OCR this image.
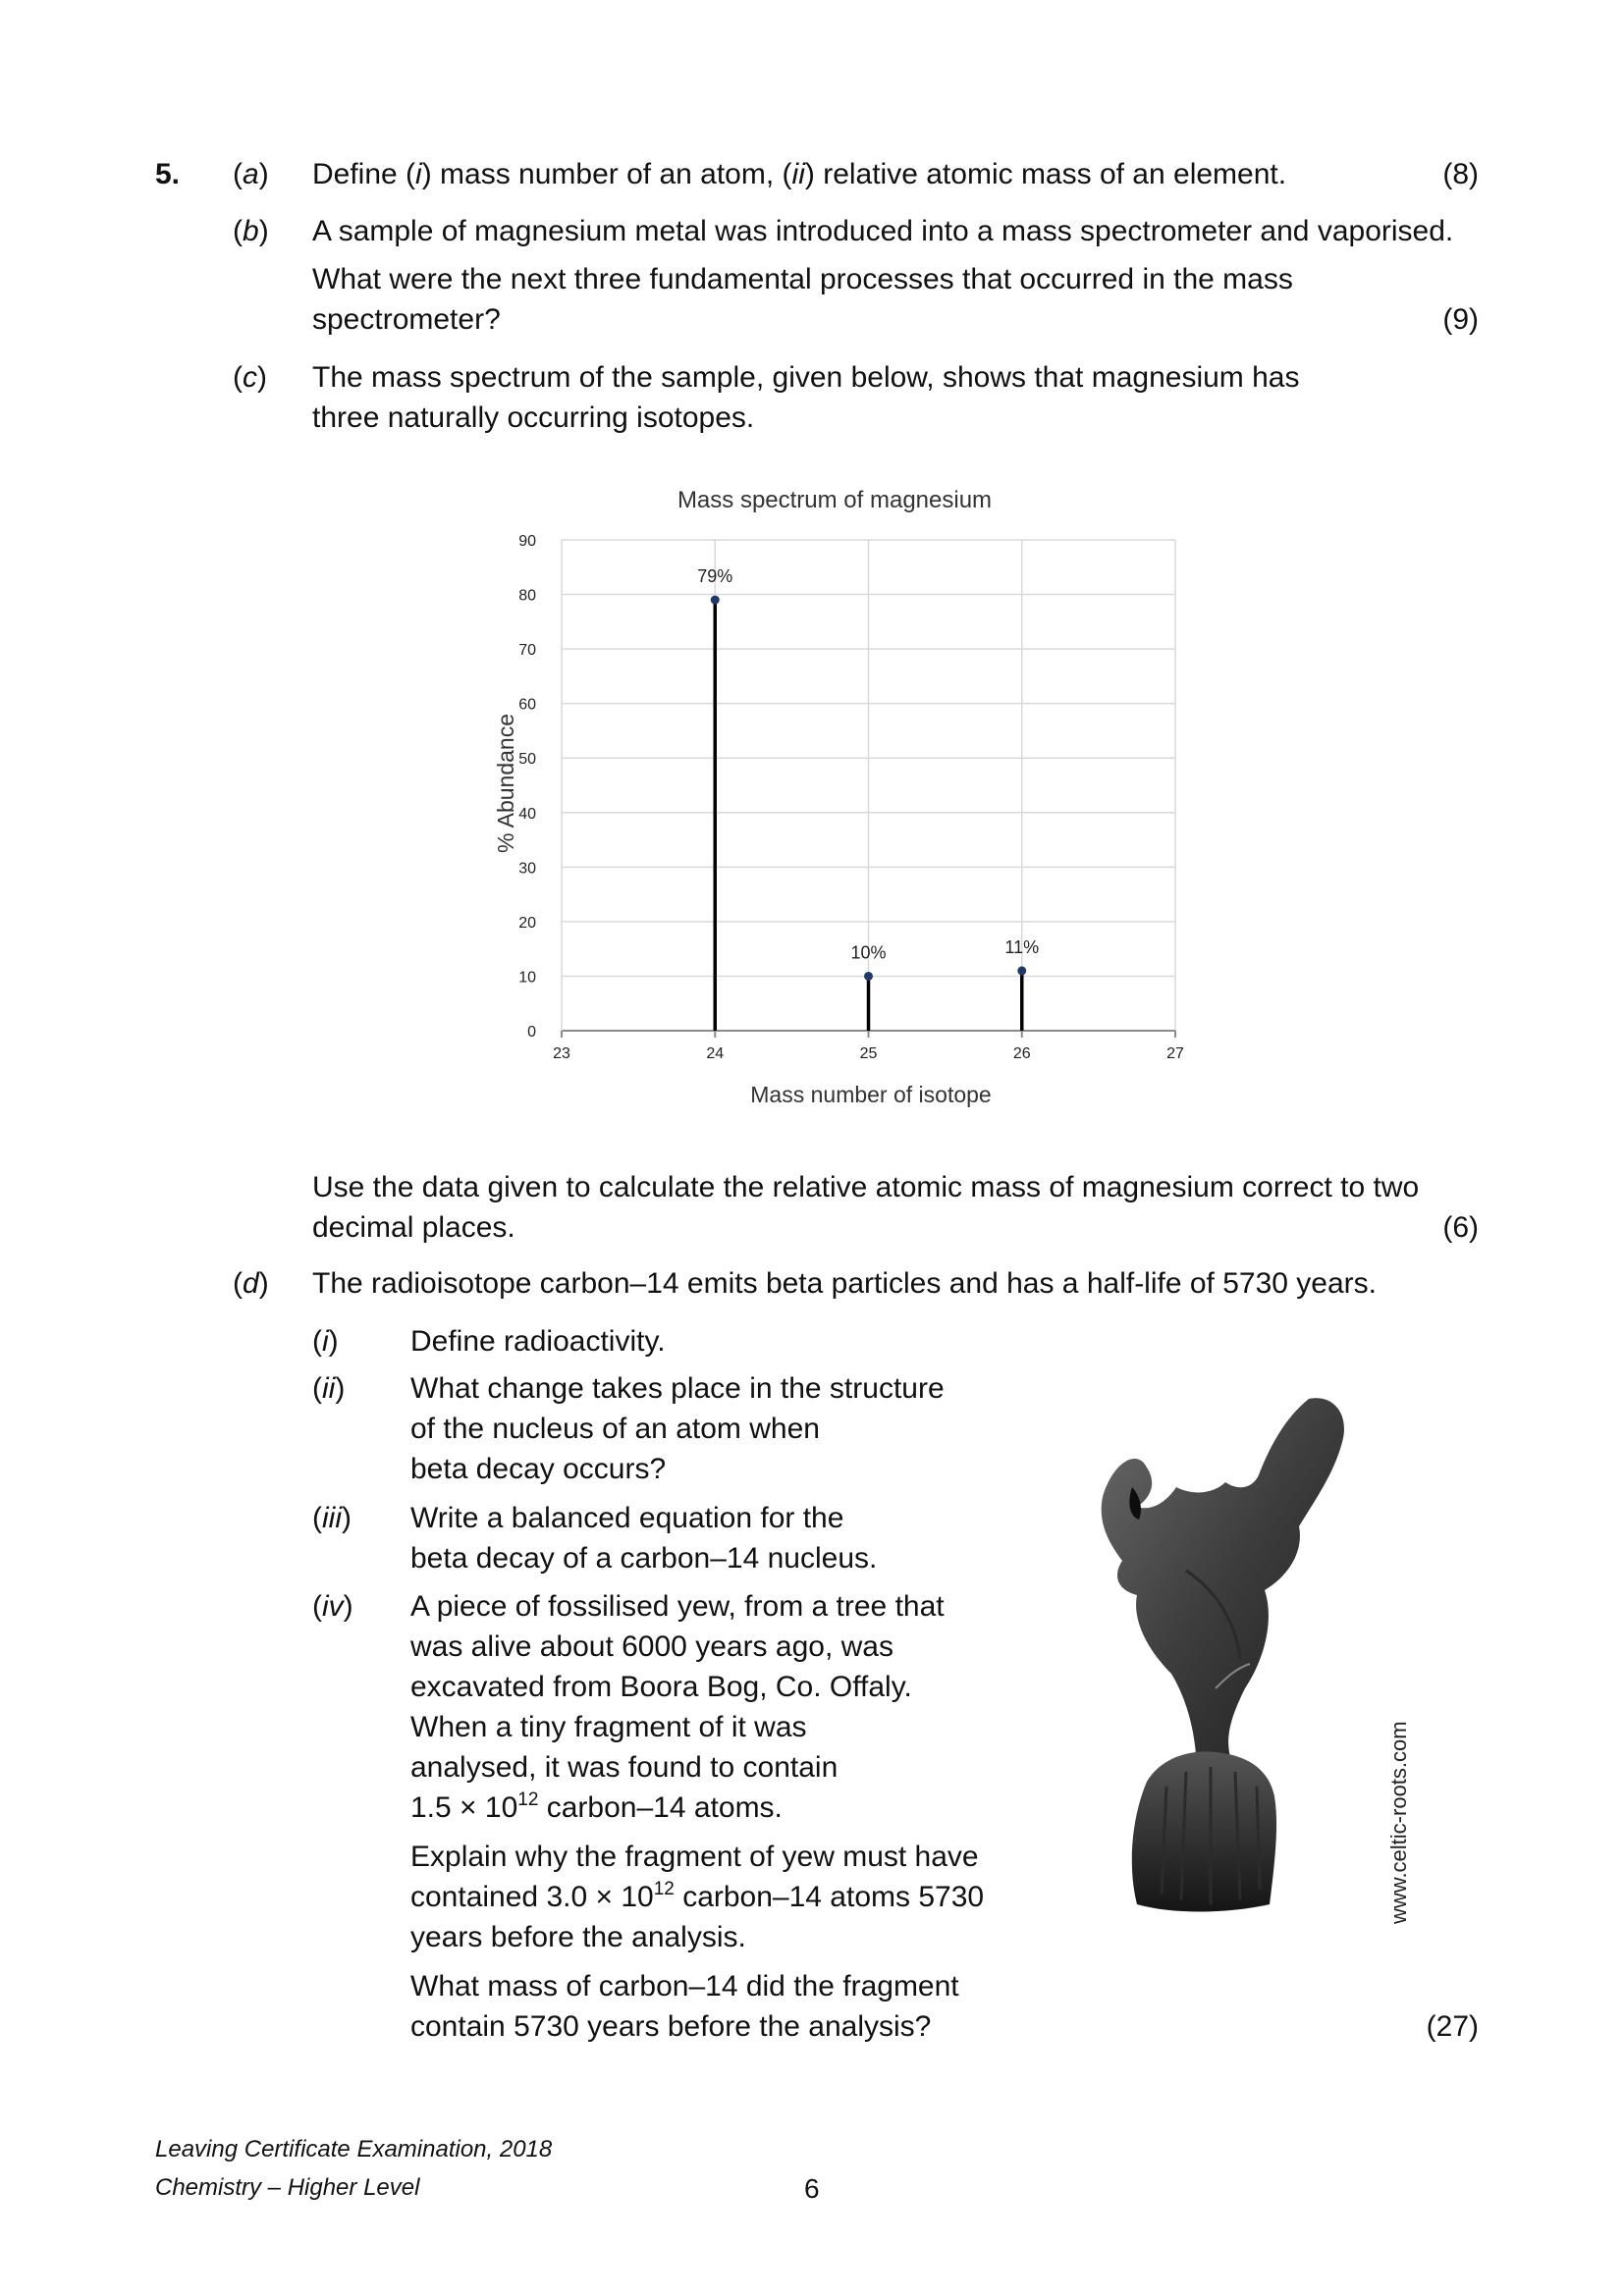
5. (a) Define (i) mass number of an atom, (ii) relative atomic mass of an element.	(8)
(b) A sample of magnesium metal was introduced into a mass spectrometer and vaporised.
What were the next three fundamental processes that occurred in the mass
spectrometer?	(9)
(c) The mass spectrum of the sample, given below, shows that magnesium has
three naturally occurring isotopes.
Mass spectrum of magnesium
0
10
20
30
40
50
60
70
80
90
23	24	25	26	27
79%
10%	11%
Mass number of isotope
% Abundance
Use the data given to calculate the relative atomic mass of magnesium correct to two
decimal places.	(6)
(d) The radioisotope carbon–14 emits beta particles and has a half-life of 5730 years.
(i) Define radioactivity.
(ii) What change takes place in the structure
of the nucleus of an atom when
beta decay occurs?
(iii) Write a balanced equation for the
beta decay of a carbon–14 nucleus.
(iv) A piece of fossilised yew, from a tree that
was alive about 6000 years ago, was
excavated from Boora Bog, Co. Offaly.
When a tiny fragment of it was
analysed, it was found to contain
$1.5 \times 10^{12}$ carbon–14 atoms.
Explain why the fragment of yew must have
contained $3.0 \times 10^{12}$ carbon–14 atoms 5730
years before the analysis.
What mass of carbon–14 did the fragment
contain 5730 years before the analysis?	(27)
www.celtic-roots.com
Leaving Certificate Examination, 2018
Chemistry – Higher Level	6
